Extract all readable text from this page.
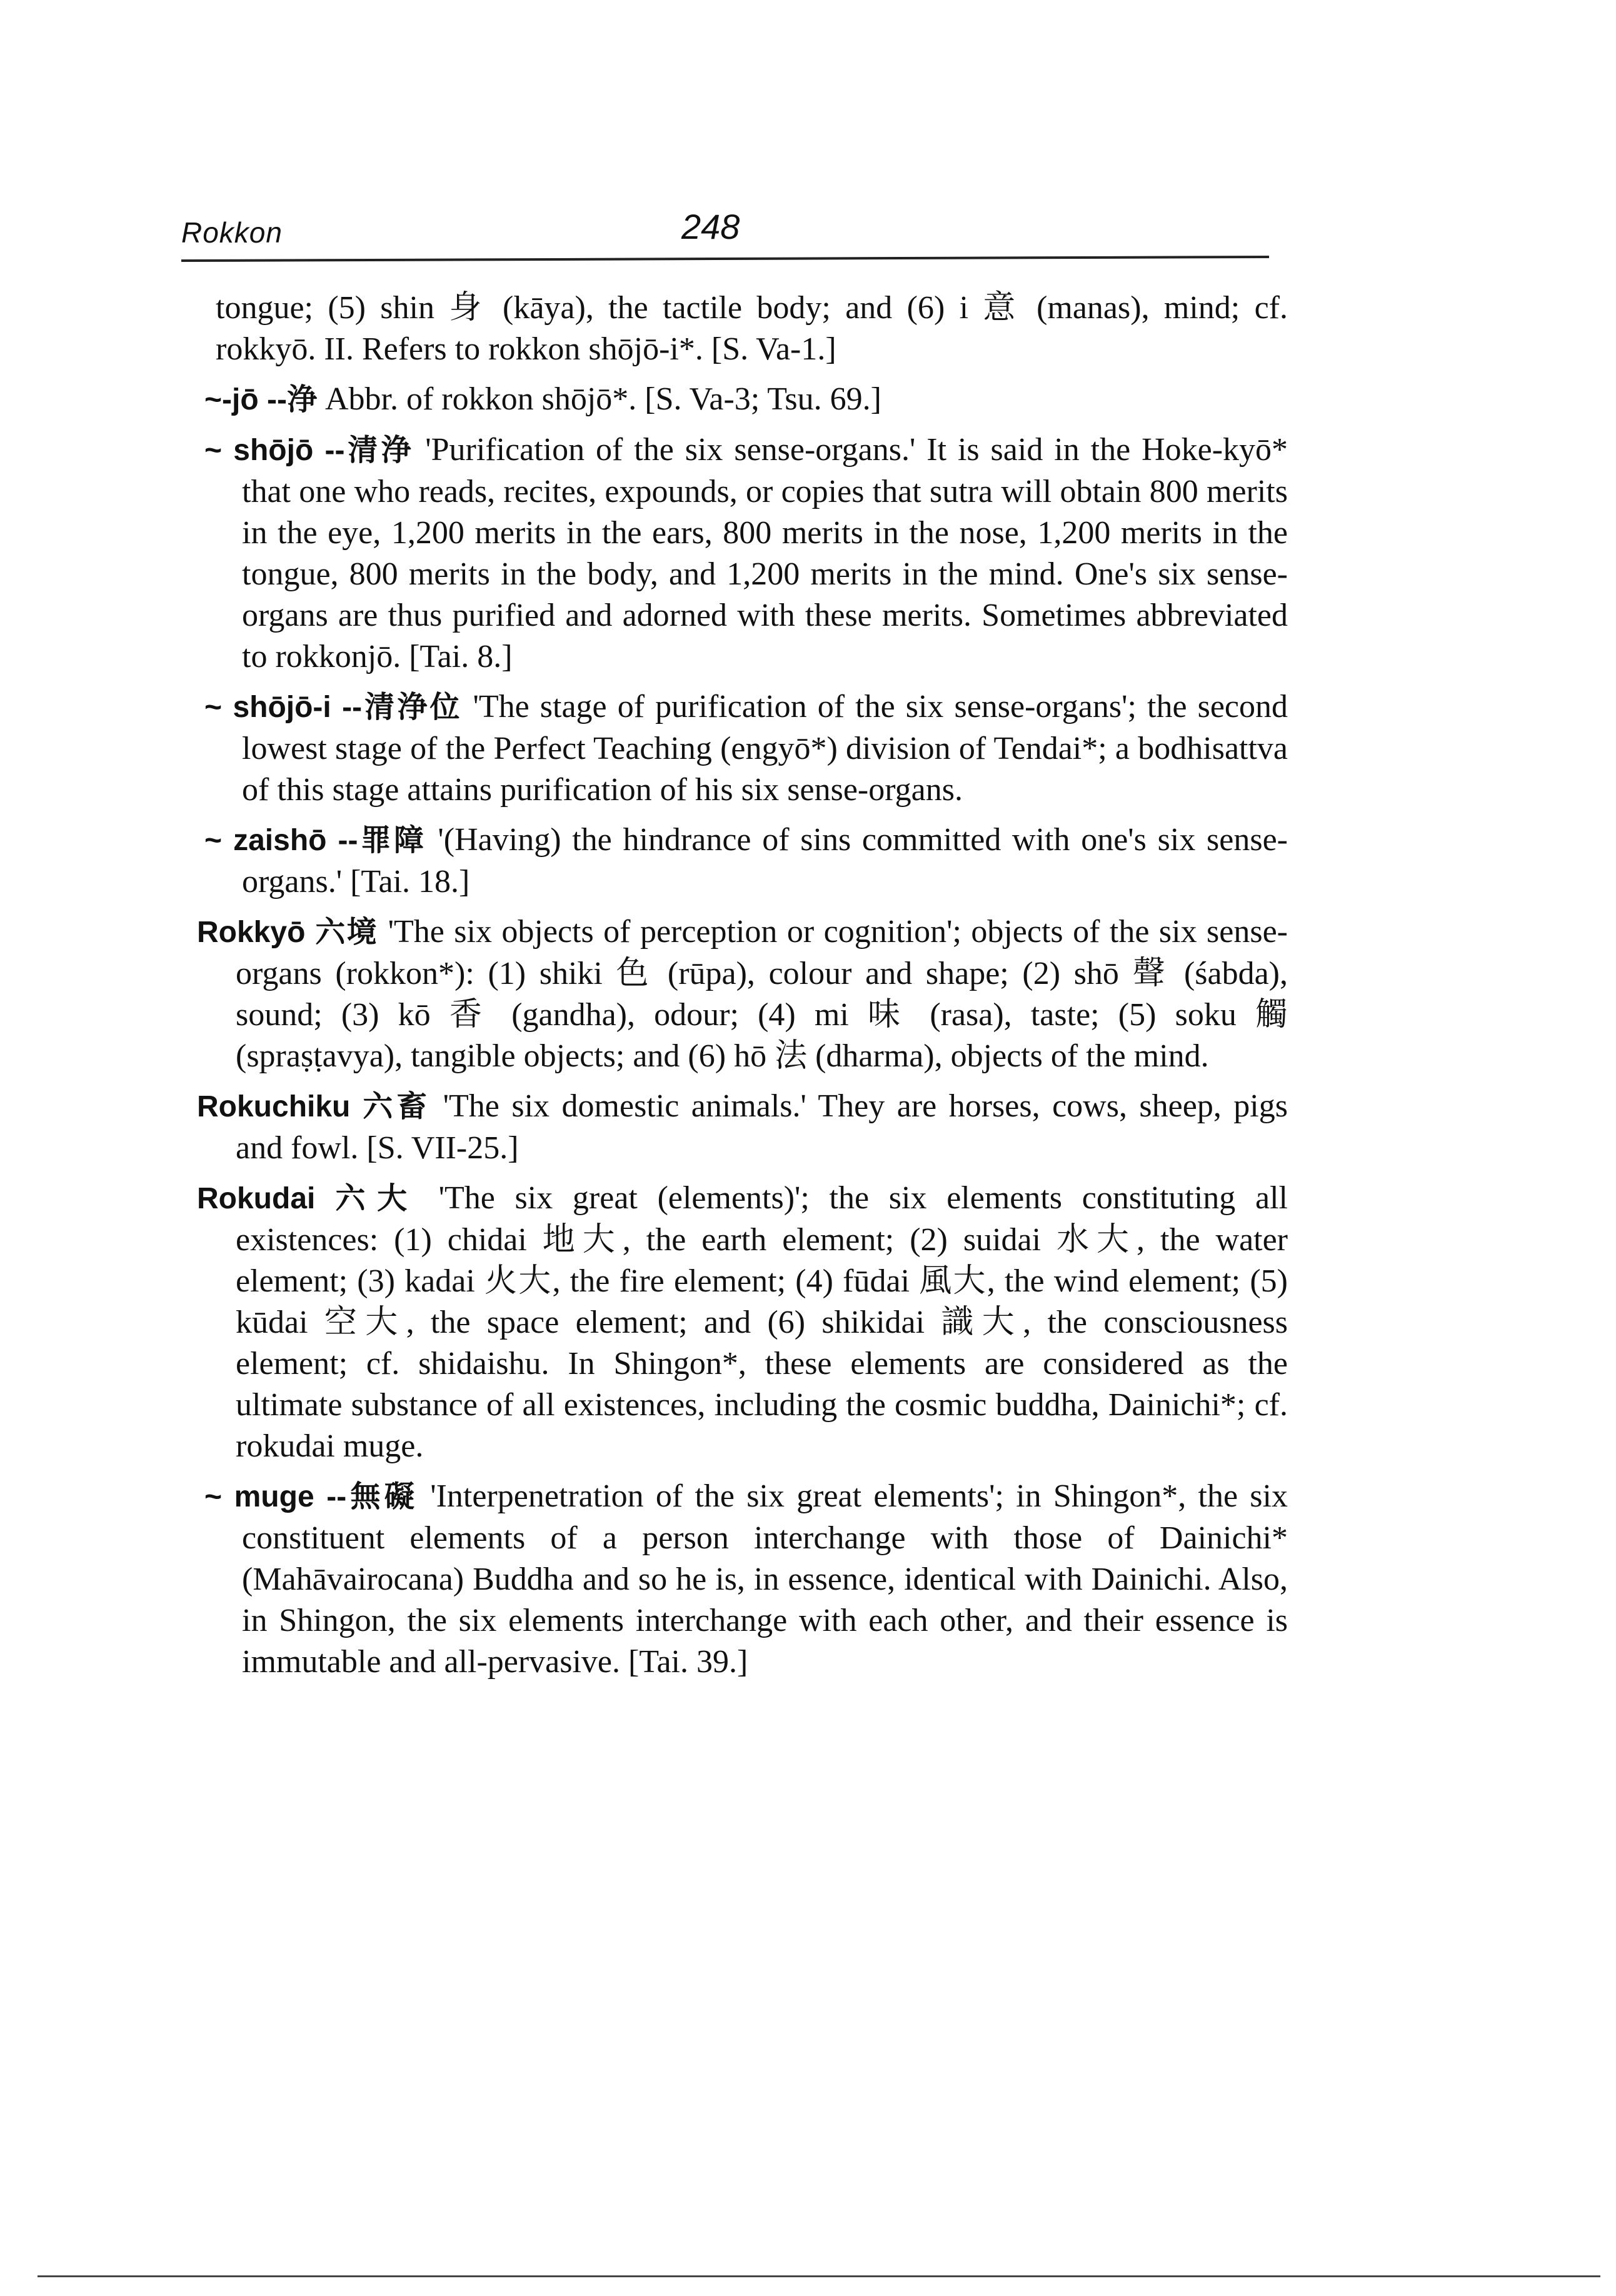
Rokkon	248

tongue; (5) shin 身 (kāya), the tactile body; and (6) i 意 (manas), mind; cf. rokkyō. II. Refers to rokkon shōjō-i*. [S. Va-1.]

~-jō --浄 Abbr. of rokkon shōjō*. [S. Va-3; Tsu. 69.]

~ shōjō --清浄 'Purification of the six sense-organs.' It is said in the Hoke-kyō* that one who reads, recites, expounds, or copies that sutra will obtain 800 merits in the eye, 1,200 merits in the ears, 800 merits in the nose, 1,200 merits in the tongue, 800 merits in the body, and 1,200 merits in the mind. One's six sense-organs are thus purified and adorned with these merits. Sometimes abbreviated to rokkonjō. [Tai. 8.]

~ shōjō-i --清浄位 'The stage of purification of the six sense-organs'; the second lowest stage of the Perfect Teaching (engyō*) division of Tendai*; a bodhisattva of this stage attains purification of his six sense-organs.

~ zaishō --罪障 '(Having) the hindrance of sins committed with one's six sense-organs.' [Tai. 18.]

Rokkyō 六境 'The six objects of perception or cognition'; objects of the six sense-organs (rokkon*): (1) shiki 色 (rūpa), colour and shape; (2) shō 聲 (śabda), sound; (3) kō 香 (gandha), odour; (4) mi 味 (rasa), taste; (5) soku 觸 (spraṣṭavya), tangible objects; and (6) hō 法 (dharma), objects of the mind.

Rokuchiku 六畜 'The six domestic animals.' They are horses, cows, sheep, pigs and fowl. [S. VII-25.]

Rokudai 六大 'The six great (elements)'; the six elements constituting all existences: (1) chidai 地大, the earth element; (2) suidai 水大, the water element; (3) kadai 火大, the fire element; (4) fūdai 風大, the wind element; (5) kūdai 空大, the space element; and (6) shikidai 識大, the consciousness element; cf. shidaishu. In Shingon*, these elements are considered as the ultimate substance of all existences, including the cosmic buddha, Dainichi*; cf. rokudai muge.

~ muge --無礙 'Interpenetration of the six great elements'; in Shingon*, the six constituent elements of a person interchange with those of Dainichi* (Mahāvairocana) Buddha and so he is, in essence, identical with Dainichi. Also, in Shingon, the six elements interchange with each other, and their essence is immutable and all-pervasive. [Tai. 39.]
